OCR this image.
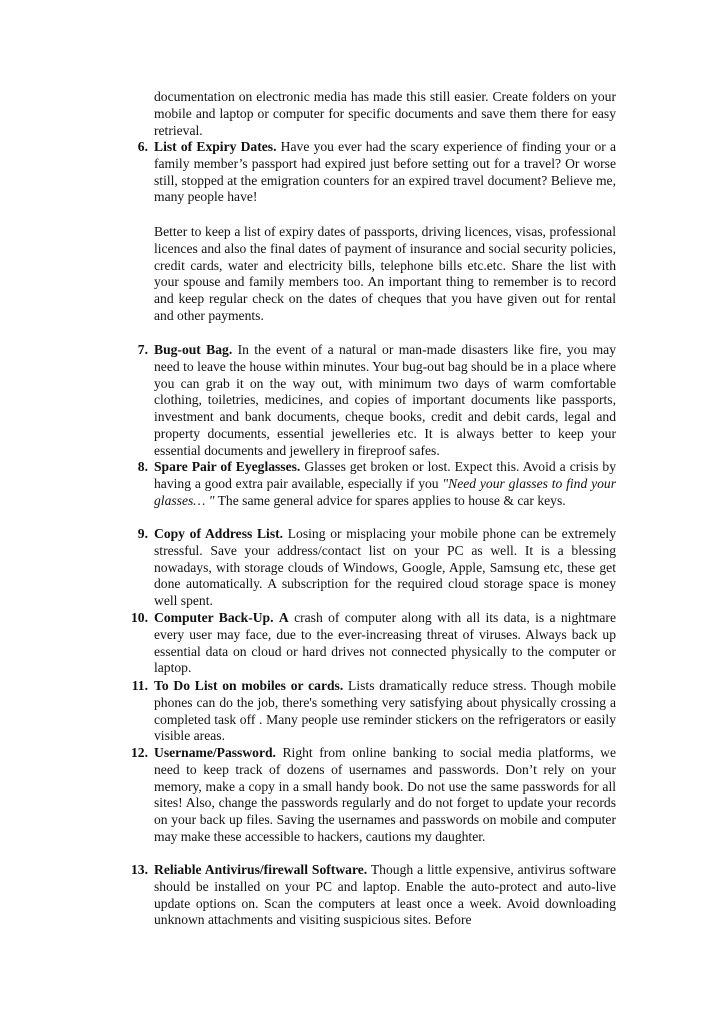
documentation on electronic media has made this still easier. Create folders on your mobile and laptop or computer for specific documents and save them there for easy retrieval.

6. List of Expiry Dates. Have you ever had the scary experience of finding your or a family member’s passport had expired just before setting out for a travel? Or worse still, stopped at the emigration counters for an expired travel document? Believe me, many people have!

Better to keep a list of expiry dates of passports, driving licences, visas, professional licences and also the final dates of payment of insurance and social security policies, credit cards, water and electricity bills, telephone bills etc.etc. Share the list with your spouse and family members too. An important thing to remember is to record and keep regular check on the dates of cheques that you have given out for rental and other payments.

7. Bug-out Bag. In the event of a natural or man-made disasters like fire, you may need to leave the house within minutes. Your bug-out bag should be in a place where you can grab it on the way out, with minimum two days of warm comfortable clothing, toiletries, medicines, and copies of important documents like passports, investment and bank documents, cheque books, credit and debit cards, legal and property documents, essential jewelleries etc. It is always better to keep your essential documents and jewellery in fireproof safes.
8. Spare Pair of Eyeglasses. Glasses get broken or lost. Expect this. Avoid a crisis by having a good extra pair available, especially if you "Need your glasses to find your glasses… " The same general advice for spares applies to house & car keys.
9. Copy of Address List. Losing or misplacing your mobile phone can be extremely stressful. Save your address/contact list on your PC as well. It is a blessing nowadays, with storage clouds of Windows, Google, Apple, Samsung etc, these get done automatically. A subscription for the required cloud storage space is money well spent.
10. Computer Back-Up. A crash of computer along with all its data, is a nightmare every user may face, due to the ever-increasing threat of viruses. Always back up essential data on cloud or hard drives not connected physically to the computer or laptop.
11. To Do List on mobiles or cards. Lists dramatically reduce stress. Though mobile phones can do the job, there's something very satisfying about physically crossing a completed task off . Many people use reminder stickers on the refrigerators or easily visible areas.
12. Username/Password. Right from online banking to social media platforms, we need to keep track of dozens of usernames and passwords. Don’t rely on your memory, make a copy in a small handy book. Do not use the same passwords for all sites! Also, change the passwords regularly and do not forget to update your records on your back up files. Saving the usernames and passwords on mobile and computer may make these accessible to hackers, cautions my daughter.
13. Reliable Antivirus/firewall Software. Though a little expensive, antivirus software should be installed on your PC and laptop. Enable the auto-protect and auto-live update options on. Scan the computers at least once a week. Avoid downloading unknown attachments and visiting suspicious sites. Before
